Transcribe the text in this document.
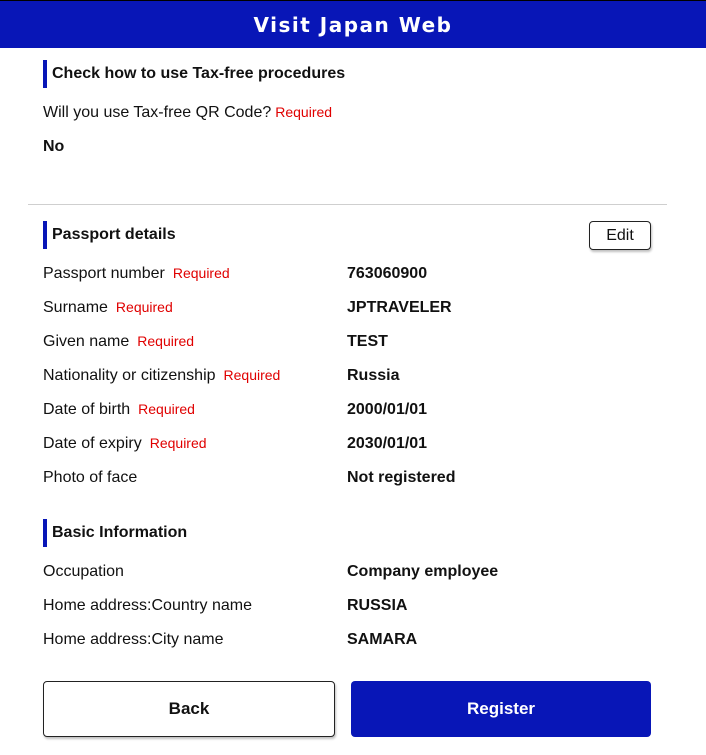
Visit Japan Web
Check how to use Tax-free procedures
Will you use Tax-free QR Code? Required
No
Passport details	Edit
Passport number Required	763060900
Surname Required	JPTRAVELER
Given name Required	TEST
Nationality or citizenship Required	Russia
Date of birth Required	2000/01/01
Date of expiry Required	2030/01/01
Photo of face	Not registered
Basic Information
Occupation	Company employee
Home address:Country name	RUSSIA
Home address:City name	SAMARA
Back	Register
